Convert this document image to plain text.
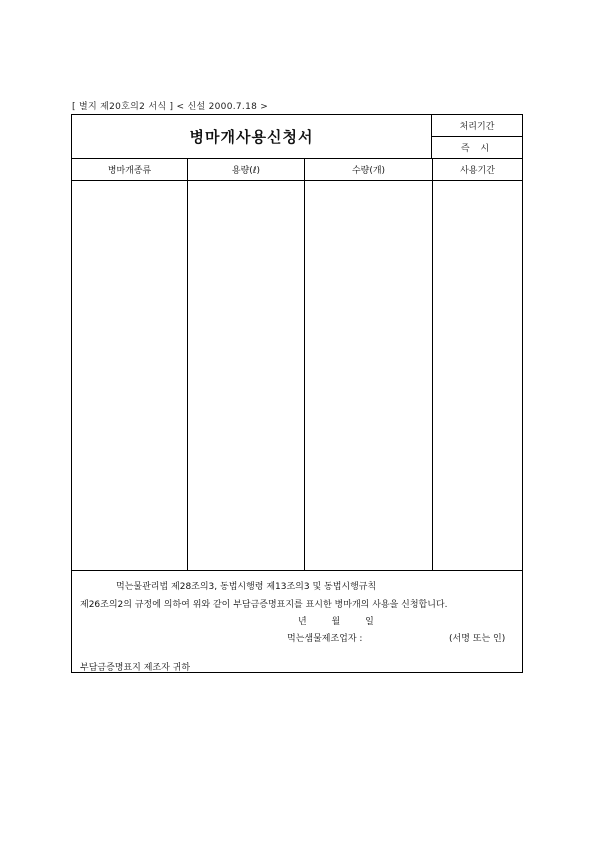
[ 별지 제20호의2 서식 ] < 신설 2000.7.18 >
병마개사용신청서
처리기간
즉 시
병마개종류	용량(ℓ)	수량(개)	사용기간
먹는물관리법 제28조의3, 동법시행령 제13조의3 및 동법시행규칙
제26조의2의 규정에 의하여 위와 같이 부담금증명표지를 표시한 병마개의 사용을 신청합니다.
년 월 일
먹는샘물제조업자 :	(서명 또는 인)
부담금증명표지 제조자 귀하
